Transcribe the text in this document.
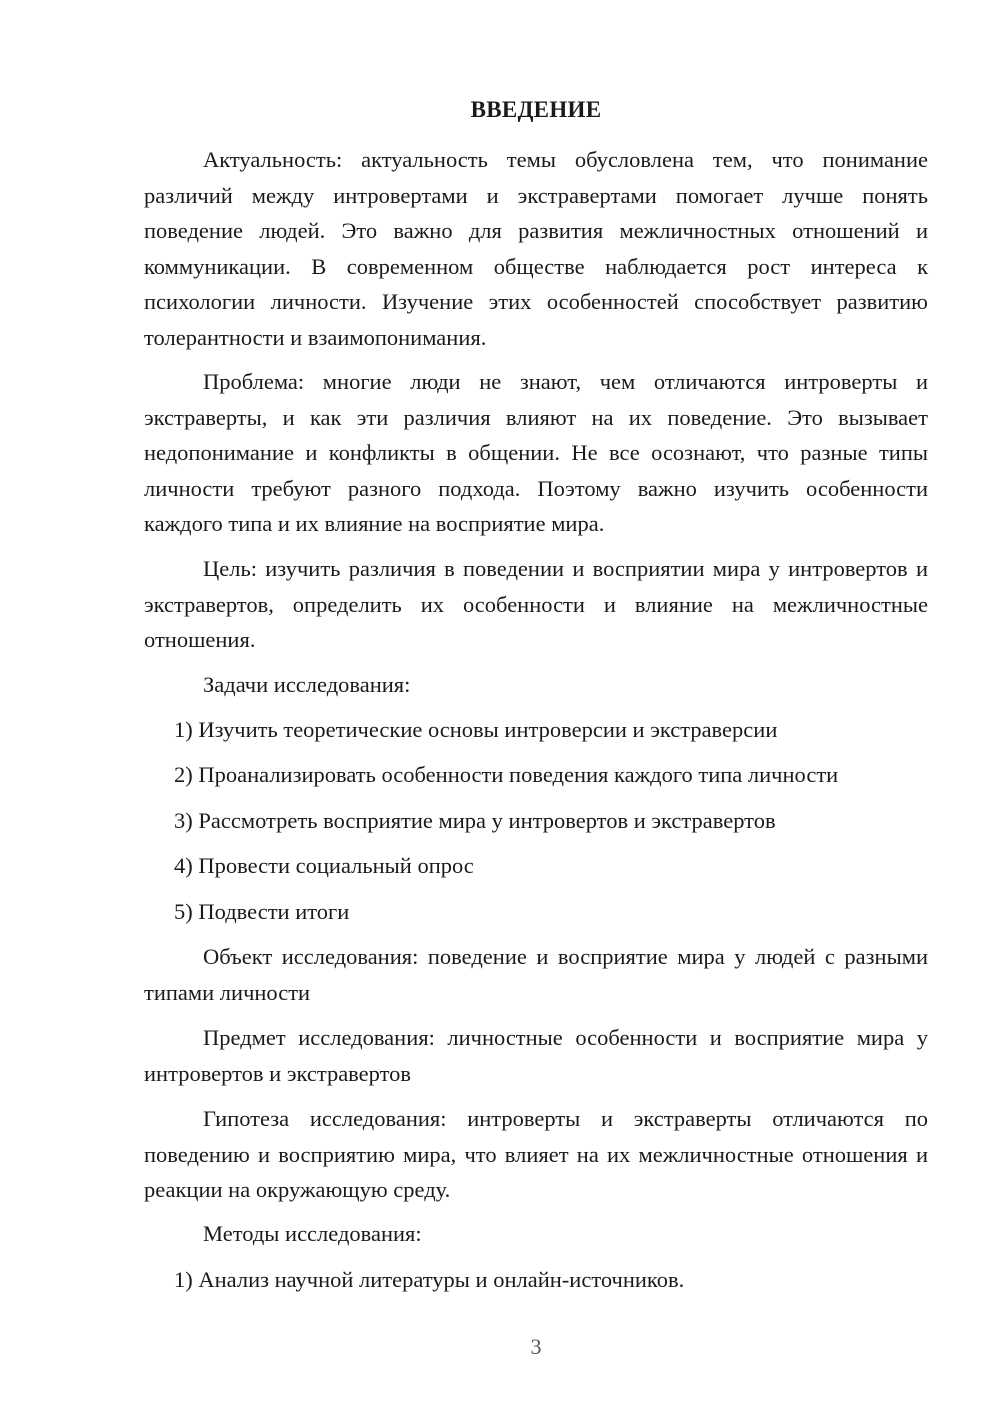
ВВЕДЕНИЕ

Актуальность: актуальность темы обусловлена тем, что понимание различий между интровертами и экстравертами помогает лучше понять поведение людей. Это важно для развития межличностных отношений и коммуникации. В современном обществе наблюдается рост интереса к психологии личности. Изучение этих особенностей способствует развитию толерантности и взаимопонимания.

Проблема: многие люди не знают, чем отличаются интроверты и экстраверты, и как эти различия влияют на их поведение. Это вызывает недопонимание и конфликты в общении. Не все осознают, что разные типы личности требуют разного подхода. Поэтому важно изучить особенности каждого типа и их влияние на восприятие мира.

Цель: изучить различия в поведении и восприятии мира у интровертов и экстравертов, определить их особенности и влияние на межличностные отношения.

Задачи исследования:

1) Изучить теоретические основы интроверсии и экстраверсии

2) Проанализировать особенности поведения каждого типа личности

3) Рассмотреть восприятие мира у интровертов и экстравертов

4) Провести социальный опрос

5) Подвести итоги

Объект исследования: поведение и восприятие мира у людей с разными типами личности

Предмет исследования: личностные особенности и восприятие мира у интровертов и экстравертов

Гипотеза исследования: интроверты и экстраверты отличаются по поведению и восприятию мира, что влияет на их межличностные отношения и реакции на окружающую среду.

Методы исследования:

1) Анализ научной литературы и онлайн-источников.

3
